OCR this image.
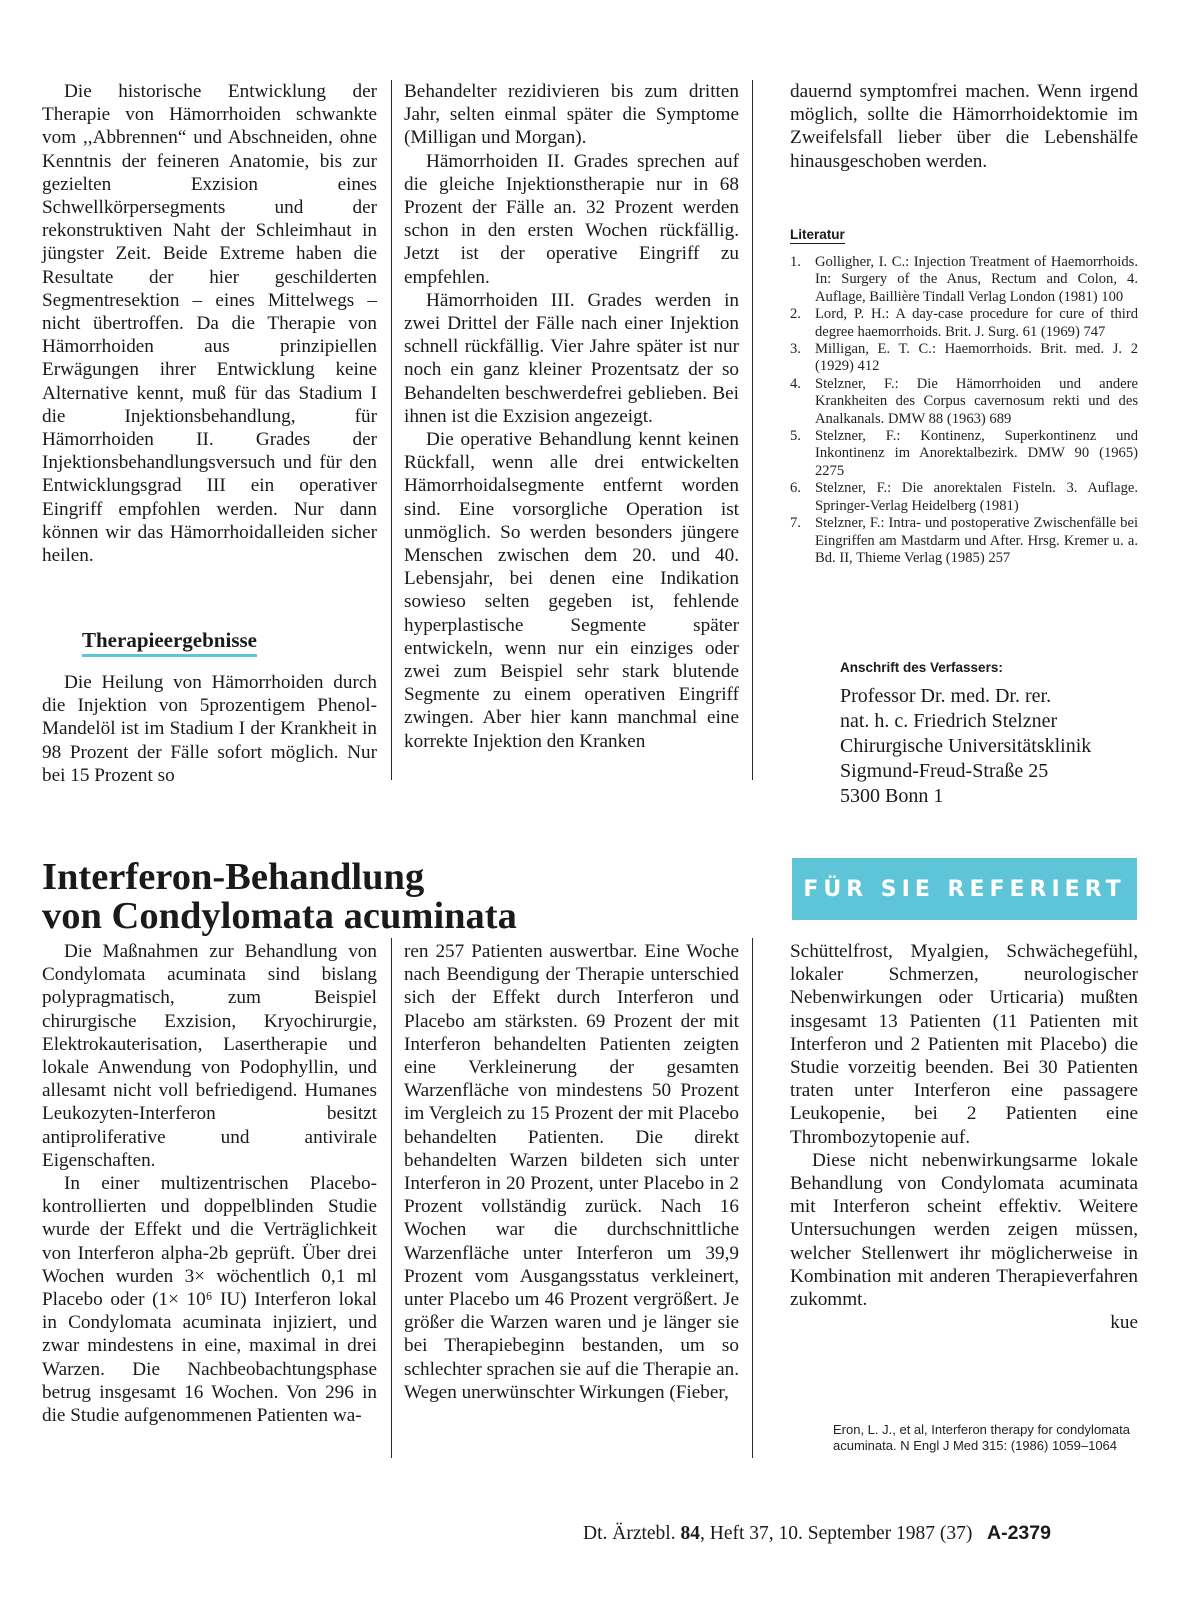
Die historische Entwicklung der Therapie von Hämorrhoiden schwankte vom ,,Abbrennen“ und Abschneiden, ohne Kenntnis der feineren Anatomie, bis zur gezielten Exzision eines Schwellkörpersegments und der rekonstruktiven Naht der Schleimhaut in jüngster Zeit. Beide Extreme haben die Resultate der hier geschilderten Segmentresektion – eines Mittelwegs – nicht übertroffen. Da die Therapie von Hämorrhoiden aus prinzipiellen Erwägungen ihrer Entwicklung keine Alternative kennt, muß für das Stadium I die Injektionsbehandlung, für Hämorrhoiden II. Grades der Injektionsbehandlungsversuch und für den Entwicklungsgrad III ein operativer Eingriff empfohlen werden. Nur dann können wir das Hämorrhoidalleiden sicher heilen.

Therapieergebnisse

Die Heilung von Hämorrhoiden durch die Injektion von 5prozentigem Phenol-Mandelöl ist im Stadium I der Krankheit in 98 Prozent der Fälle sofort möglich. Nur bei 15 Prozent so

Behandelter rezidivieren bis zum dritten Jahr, selten einmal später die Symptome (Milligan und Morgan).

Hämorrhoiden II. Grades sprechen auf die gleiche Injektionstherapie nur in 68 Prozent der Fälle an. 32 Prozent werden schon in den ersten Wochen rückfällig. Jetzt ist der operative Eingriff zu empfehlen.

Hämorrhoiden III. Grades werden in zwei Drittel der Fälle nach einer Injektion schnell rückfällig. Vier Jahre später ist nur noch ein ganz kleiner Prozentsatz der so Behandelten beschwerdefrei geblieben. Bei ihnen ist die Exzision angezeigt.

Die operative Behandlung kennt keinen Rückfall, wenn alle drei entwickelten Hämorrhoidalsegmente entfernt worden sind. Eine vorsorgliche Operation ist unmöglich. So werden besonders jüngere Menschen zwischen dem 20. und 40. Lebensjahr, bei denen eine Indikation sowieso selten gegeben ist, fehlende hyperplastische Segmente später entwickeln, wenn nur ein einziges oder zwei zum Beispiel sehr stark blutende Segmente zu einem operativen Eingriff zwingen. Aber hier kann manchmal eine korrekte Injektion den Kranken

dauernd symptomfrei machen. Wenn irgend möglich, sollte die Hämorrhoidektomie im Zweifelsfall lieber über die Lebenshälfe hinausgeschoben werden.

Literatur
1. Golligher, I. C.: Injection Treatment of Haemorrhoids. In: Surgery of the Anus, Rectum and Colon, 4. Auflage, Baillière Tindall Verlag London (1981) 100
2. Lord, P. H.: A day-case procedure for cure of third degree haemorrhoids. Brit. J. Surg. 61 (1969) 747
3. Milligan, E. T. C.: Haemorrhoids. Brit. med. J. 2 (1929) 412
4. Stelzner, F.: Die Hämorrhoiden und andere Krankheiten des Corpus cavernosum rekti und des Analkanals. DMW 88 (1963) 689
5. Stelzner, F.: Kontinenz, Superkontinenz und Inkontinenz im Anorektalbezirk. DMW 90 (1965) 2275
6. Stelzner, F.: Die anorektalen Fisteln. 3. Auflage. Springer-Verlag Heidelberg (1981)
7. Stelzner, F.: Intra- und postoperative Zwischenfälle bei Eingriffen am Mastdarm und After. Hrsg. Kremer u. a. Bd. II, Thieme Verlag (1985) 257
Anschrift des Verfassers:
Professor Dr. med. Dr. rer.
nat. h. c. Friedrich Stelzner
Chirurgische Universitätsklinik
Sigmund-Freud-Straße 25
5300 Bonn 1
Interferon-Behandlung
von Condylomata acuminata
FÜR SIE REFERIERT

Die Maßnahmen zur Behandlung von Condylomata acuminata sind bislang polypragmatisch, zum Beispiel chirurgische Exzision, Kryochirurgie, Elektrokauterisation, Lasertherapie und lokale Anwendung von Podophyllin, und allesamt nicht voll befriedigend. Humanes Leukozyten-Interferon besitzt antiproliferative und antivirale Eigenschaften.

In einer multizentrischen Placebo-kontrollierten und doppelblinden Studie wurde der Effekt und die Verträglichkeit von Interferon alpha-2b geprüft. Über drei Wochen wurden 3× wöchentlich 0,1 ml Placebo oder (1× 10⁶ IU) Interferon lokal in Condylomata acuminata injiziert, und zwar mindestens in eine, maximal in drei Warzen. Die Nachbeobachtungsphase betrug insgesamt 16 Wochen. Von 296 in die Studie aufgenommenen Patienten wa-

ren 257 Patienten auswertbar. Eine Woche nach Beendigung der Therapie unterschied sich der Effekt durch Interferon und Placebo am stärksten. 69 Prozent der mit Interferon behandelten Patienten zeigten eine Verkleinerung der gesamten Warzenfläche von mindestens 50 Prozent im Vergleich zu 15 Prozent der mit Placebo behandelten Patienten. Die direkt behandelten Warzen bildeten sich unter Interferon in 20 Prozent, unter Placebo in 2 Prozent vollständig zurück. Nach 16 Wochen war die durchschnittliche Warzenfläche unter Interferon um 39,9 Prozent vom Ausgangsstatus verkleinert, unter Placebo um 46 Prozent vergrößert. Je größer die Warzen waren und je länger sie bei Therapiebeginn bestanden, um so schlechter sprachen sie auf die Therapie an. Wegen unerwünschter Wirkungen (Fieber,

Schüttelfrost, Myalgien, Schwächegefühl, lokaler Schmerzen, neurologischer Nebenwirkungen oder Urticaria) mußten insgesamt 13 Patienten (11 Patienten mit Interferon und 2 Patienten mit Placebo) die Studie vorzeitig beenden. Bei 30 Patienten traten unter Interferon eine passagere Leukopenie, bei 2 Patienten eine Thrombozytopenie auf.

Diese nicht nebenwirkungsarme lokale Behandlung von Condylomata acuminata mit Interferon scheint effektiv. Weitere Untersuchungen werden zeigen müssen, welcher Stellenwert ihr möglicherweise in Kombination mit anderen Therapieverfahren zukommt.

kue

Eron, L. J., et al, Interferon therapy for condylomata acuminata. N Engl J Med 315: (1986) 1059–1064
Dt. Ärztebl. 84, Heft 37, 10. September 1987 (37) A-2379
